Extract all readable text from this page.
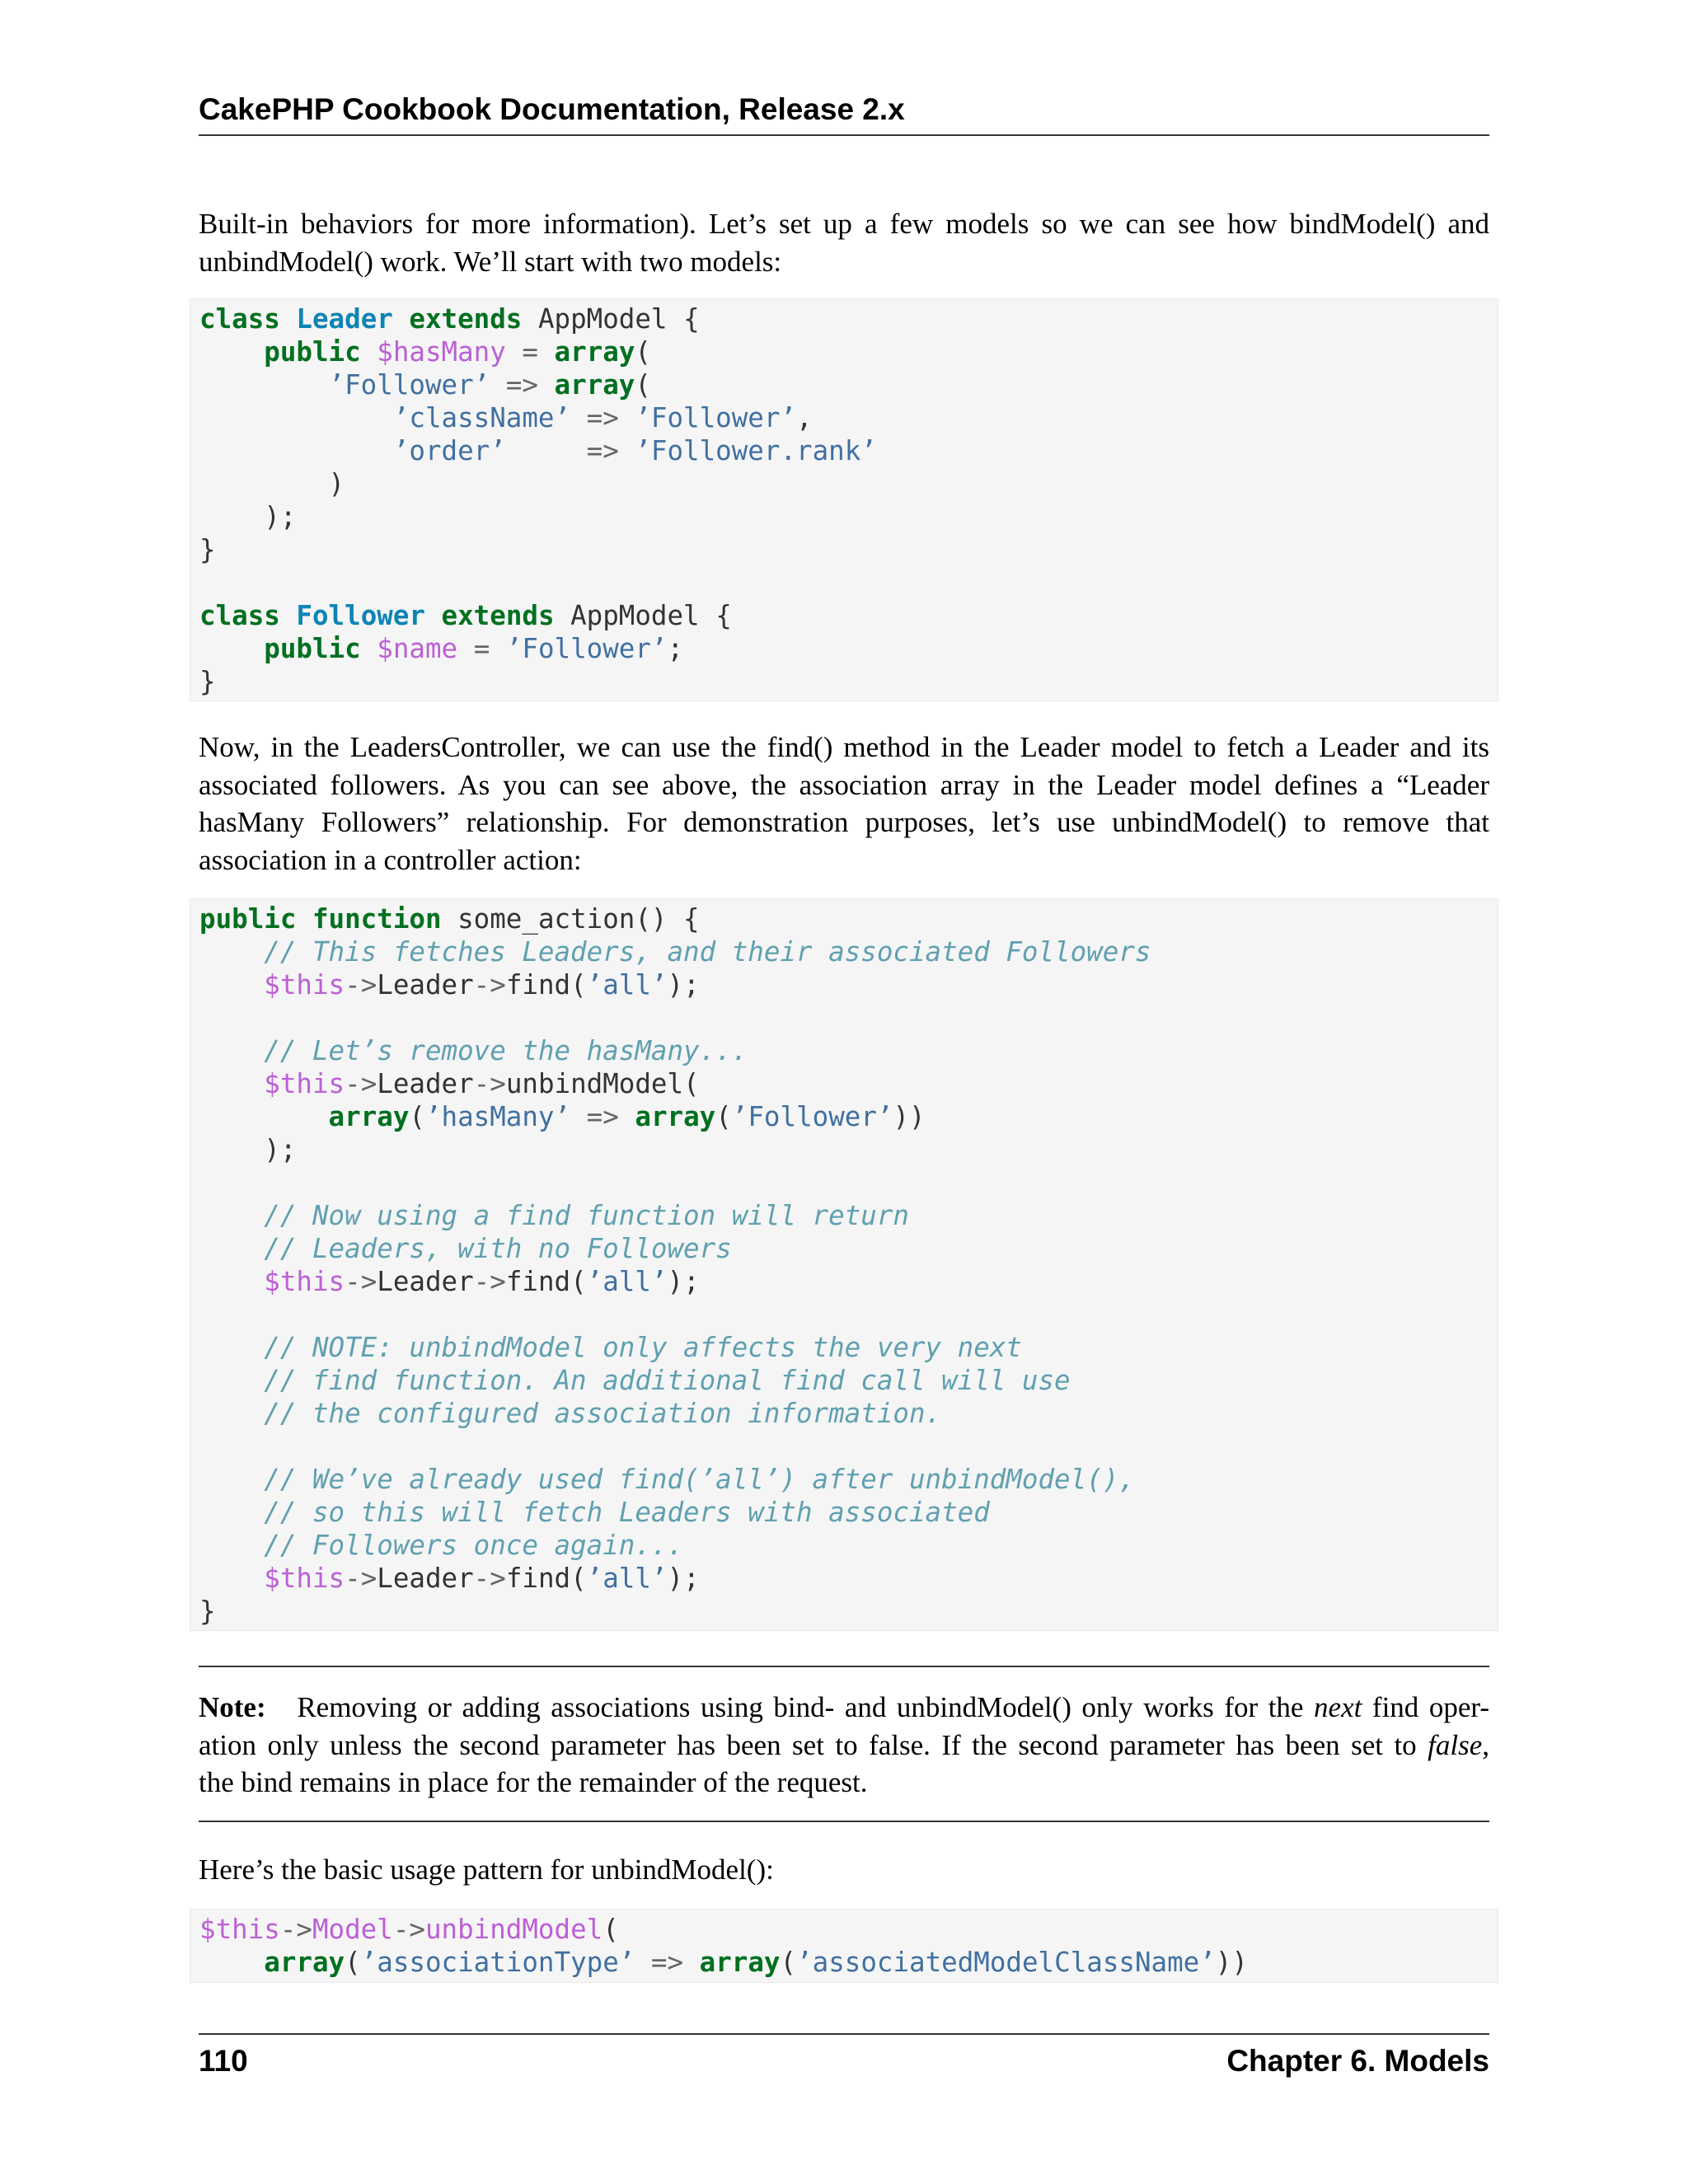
CakePHP Cookbook Documentation, Release 2.x
Built-in behaviors for more information). Let’s set up a few models so we can see how bindModel() and
unbindModel() work. We’ll start with two models:
class Leader extends AppModel {
public $hasMany = array(
’Follower’ => array(
’className’ => ’Follower’,
’order’	=> ’Follower.rank’
)
);
}

class Follower extends AppModel {
public $name = ’Follower’;
}
Now, in the LeadersController, we can use the find() method in the Leader model to fetch a Leader and its
associated followers. As you can see above, the association array in the Leader model defines a “Leader
hasMany Followers” relationship. For demonstration purposes, let’s use unbindModel() to remove that
association in a controller action:
public function some_action() {
// This fetches Leaders, and their associated Followers
$this->Leader->find(’all’);

// Let’s remove the hasMany...
$this->Leader->unbindModel(
array(’hasMany’ => array(’Follower’))
);

// Now using a find function will return
// Leaders, with no Followers
$this->Leader->find(’all’);

// NOTE: unbindModel only affects the very next
// find function. An additional find call will use
// the configured association information.

// We’ve already used find(’all’) after unbindModel(),
// so this will fetch Leaders with associated
// Followers once again...
$this->Leader->find(’all’);
}
Note: Removing or adding associations using bind- and unbindModel() only works for the next find oper-
ation only unless the second parameter has been set to false. If the second parameter has been set to false,
the bind remains in place for the remainder of the request.
Here’s the basic usage pattern for unbindModel():
$this->Model->unbindModel(
array(’associationType’ => array(’associatedModelClassName’))
110	Chapter 6. Models
